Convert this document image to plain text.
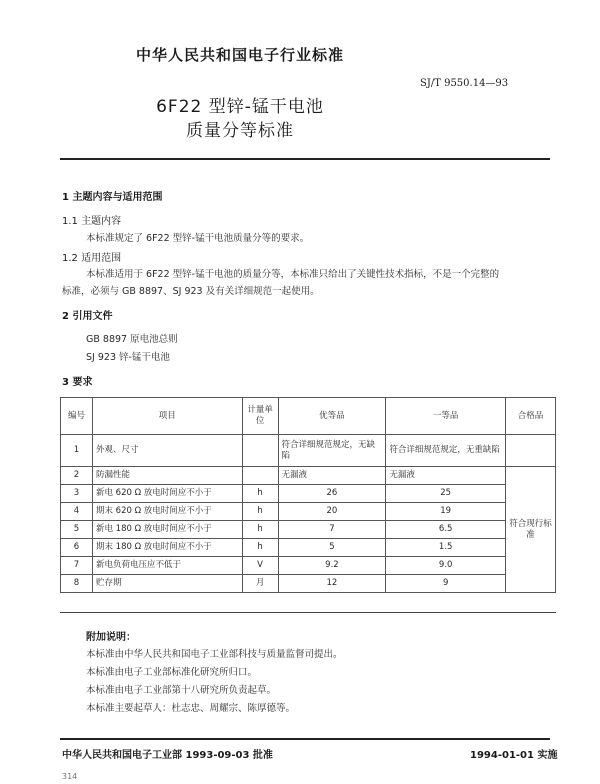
中华人民共和国电子行业标准
6F22 型锌-锰干电池
质量分等标准
SJ/T 9550.14—93
1 主题内容与适用范围
1.1 主题内容
本标准规定了 6F22 型锌-锰干电池质量分等的要求。
1.2 适用范围
本标准适用于 6F22 型锌-锰干电池的质量分等，本标准只给出了关键性技术指标，不是一个完整的
标准，必须与 GB 8897、SJ 923 及有关详细规范一起使用。
2 引用文件
GB 8897 原电池总则
SJ 923 锌-锰干电池
3 要求
编号	项目	计量单位	优等品	一等品	合格品
1	外观、尺寸		符合详细规范规定，无缺陷	符合详细规范规定，无重缺陷	
2	防漏性能		无漏液	无漏液	符合现行标准
3	新电 620 Ω 放电时间应不小于	h	26	25	
4	期末 620 Ω 放电时间应不小于	h	20	19	
5	新电 180 Ω 放电时间应不小于	h	7	6.5	
6	期末 180 Ω 放电时间应不小于	h	5	1.5	
7	新电负荷电压应不低于	V	9.2	9.0	
8	贮存期	月	12	9	
附加说明：
本标准由中华人民共和国电子工业部科技与质量监督司提出。
本标准由电子工业部标准化研究所归口。
本标准由电子工业部第十八研究所负责起草。
本标准主要起草人：杜志忠、周耀宗、陈厚德等。
中华人民共和国电子工业部 1993-09-03 批准	1994-01-01 实施
314
